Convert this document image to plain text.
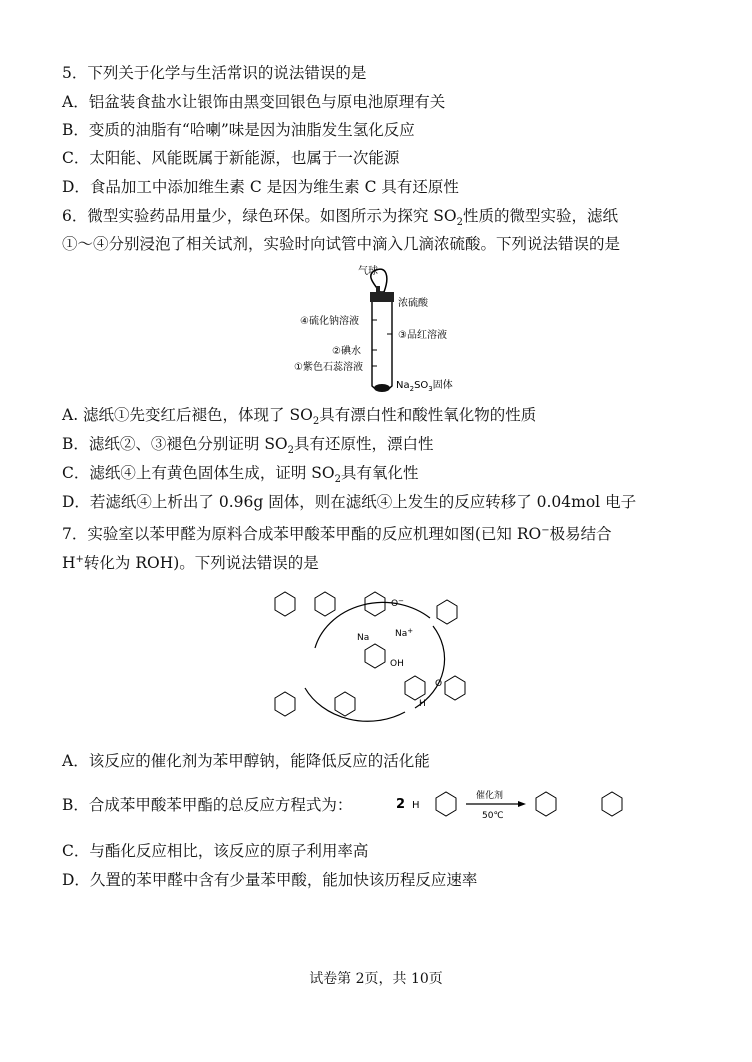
5．下列关于化学与生活常识的说法错误的是
A．铝盆装食盐水让银饰由黑变回银色与原电池原理有关
B．变质的油脂有“哈喇”味是因为油脂发生氢化反应
C．太阳能、风能既属于新能源，也属于一次能源
D．食品加工中添加维生素 C 是因为维生素 C 具有还原性
6．微型实验药品用量少，绿色环保。如图所示为探究 $SO_2$性质的微型实验，滤纸
①～④分别浸泡了相关试剂，实验时向试管中滴入几滴浓硫酸。下列说法错误的是
气球
浓硫酸
④硫化钠溶液
③品红溶液
②碘水
①紫色石蕊溶液
$Na_2SO_3$固体
A. 滤纸①先变红后褪色，体现了 $SO_2$具有漂白性和酸性氧化物的性质
B．滤纸②、③褪色分别证明 $SO_2$具有还原性，漂白性
C．滤纸④上有黄色固体生成，证明 $SO_2$具有氧化性
D．若滤纸④上析出了 0.96g 固体，则在滤纸④上发生的反应转移了 0.04mol 电子
7．实验室以苯甲醛为原料合成苯甲酸苯甲酯的反应机理如图(已知 RO−极易结合
H+转化为 ROH)。下列说法错误的是
Na	Na+
OH
O−
H
O
A．该反应的催化剂为苯甲醇钠，能降低反应的活化能
B．合成苯甲酸苯甲酯的总反应方程式为：	2 H
催化剂
50℃
C．与酯化反应相比，该反应的原子利用率高
D．久置的苯甲醛中含有少量苯甲酸，能加快该历程反应速率
试卷第 2页，共 10页
